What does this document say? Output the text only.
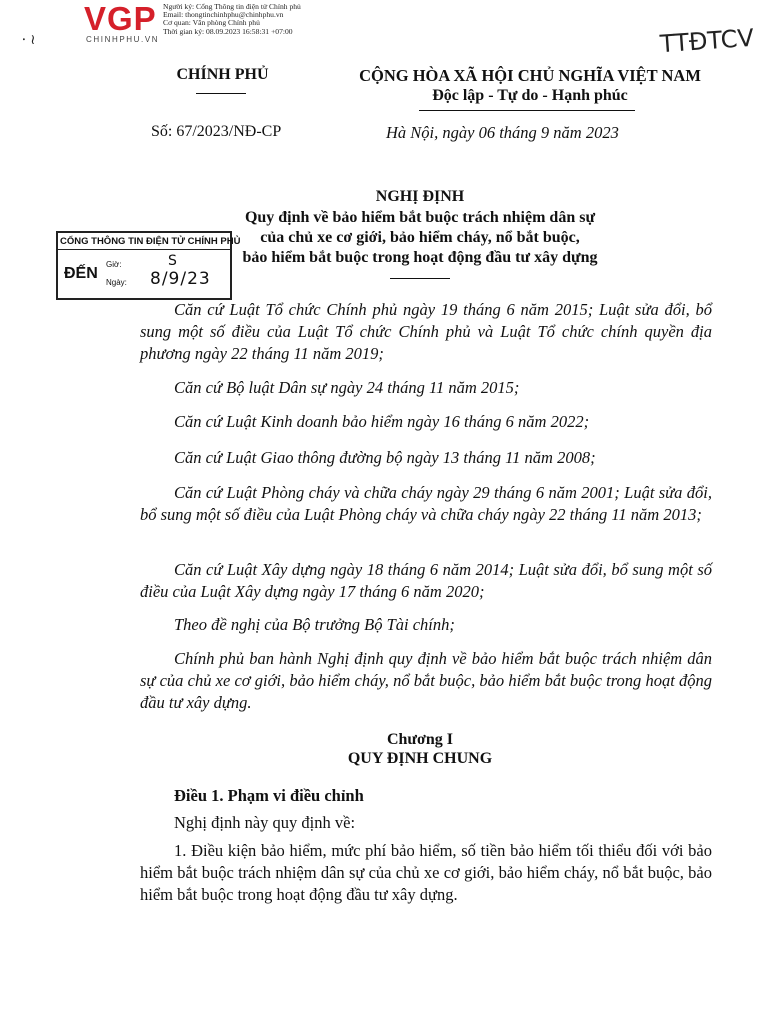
VGP
CHINHPHU.VN
Người ký: Cổng Thông tin điện tử Chính phủ
Email: thongtinchinhphu@chinhphu.vn
Cơ quan: Văn phòng Chính phủ
Thời gian ký: 08.09.2023 16:58:31 +07:00
⸱ ≀	TTĐTCV
CHÍNH PHỦ	CỘNG HÒA XÃ HỘI CHỦ NGHĨA VIỆT NAM
Độc lập - Tự do - Hạnh phúc
Số: 67/2023/NĐ-CP	Hà Nội, ngày 06 tháng 9 năm 2023
NGHỊ ĐỊNH
Quy định về bảo hiểm bắt buộc trách nhiệm dân sự
của chủ xe cơ giới, bảo hiểm cháy, nổ bắt buộc,
bảo hiểm bắt buộc trong hoạt động đầu tư xây dựng
CỔNG THÔNG TIN ĐIỆN TỬ CHÍNH PHỦ
ĐẾN
Giờ:
Ngày:
S
8/9/23
Căn cứ Luật Tổ chức Chính phủ ngày 19 tháng 6 năm 2015; Luật sửa đổi, bổ sung một số điều của Luật Tổ chức Chính phủ và Luật Tổ chức chính quyền địa phương ngày 22 tháng 11 năm 2019;
Căn cứ Bộ luật Dân sự ngày 24 tháng 11 năm 2015;
Căn cứ Luật Kinh doanh bảo hiểm ngày 16 tháng 6 năm 2022;
Căn cứ Luật Giao thông đường bộ ngày 13 tháng 11 năm 2008;
Căn cứ Luật Phòng cháy và chữa cháy ngày 29 tháng 6 năm 2001; Luật sửa đổi, bổ sung một số điều của Luật Phòng cháy và chữa cháy ngày 22 tháng 11 năm 2013;
Căn cứ Luật Xây dựng ngày 18 tháng 6 năm 2014; Luật sửa đổi, bổ sung một số điều của Luật Xây dựng ngày 17 tháng 6 năm 2020;
Theo đề nghị của Bộ trưởng Bộ Tài chính;
Chính phủ ban hành Nghị định quy định về bảo hiểm bắt buộc trách nhiệm dân sự của chủ xe cơ giới, bảo hiểm cháy, nổ bắt buộc, bảo hiểm bắt buộc trong hoạt động đầu tư xây dựng.
Chương I
QUY ĐỊNH CHUNG
Điều 1. Phạm vi điều chỉnh
Nghị định này quy định về:
1. Điều kiện bảo hiểm, mức phí bảo hiểm, số tiền bảo hiểm tối thiểu đối với bảo hiểm bắt buộc trách nhiệm dân sự của chủ xe cơ giới, bảo hiểm cháy, nổ bắt buộc, bảo hiểm bắt buộc trong hoạt động đầu tư xây dựng.
